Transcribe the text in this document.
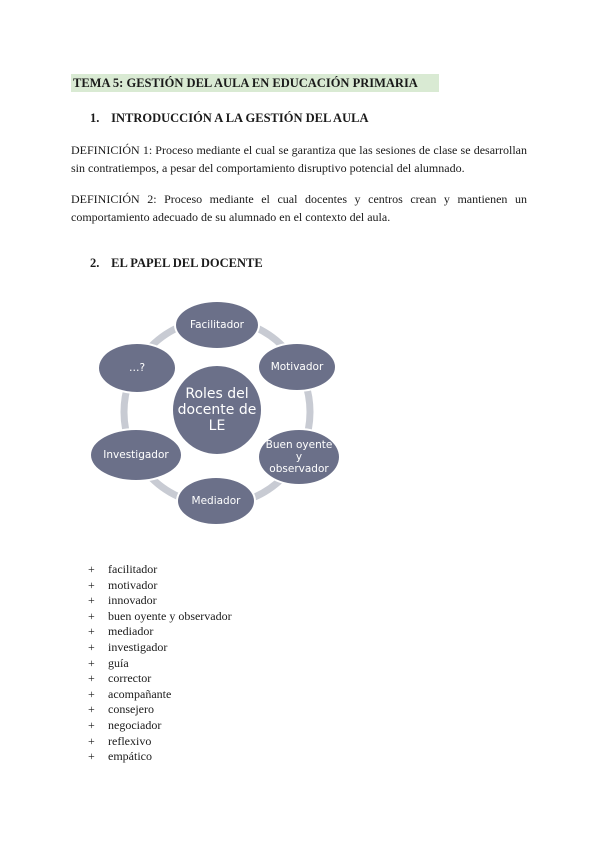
TEMA 5: GESTIÓN DEL AULA EN EDUCACIÓN PRIMARIA
1. INTRODUCCIÓN A LA GESTIÓN DEL AULA

DEFINICIÓN 1: Proceso mediante el cual se garantiza que las sesiones de clase se desarrollan sin contratiempos, a pesar del comportamiento disruptivo potencial del alumnado.

DEFINICIÓN 2: Proceso mediante el cual docentes y centros crean y mantienen un comportamiento adecuado de su alumnado en el contexto del aula.

2. EL PAPEL DEL DOCENTE
Roles del docente de LE
Facilitador
Motivador
Buen oyente y observador
Mediador
Investigador
…?
+ facilitador
+ motivador
+ innovador
+ buen oyente y observador
+ mediador
+ investigador
+ guía
+ corrector
+ acompañante
+ consejero
+ negociador
+ reflexivo
+ empático
